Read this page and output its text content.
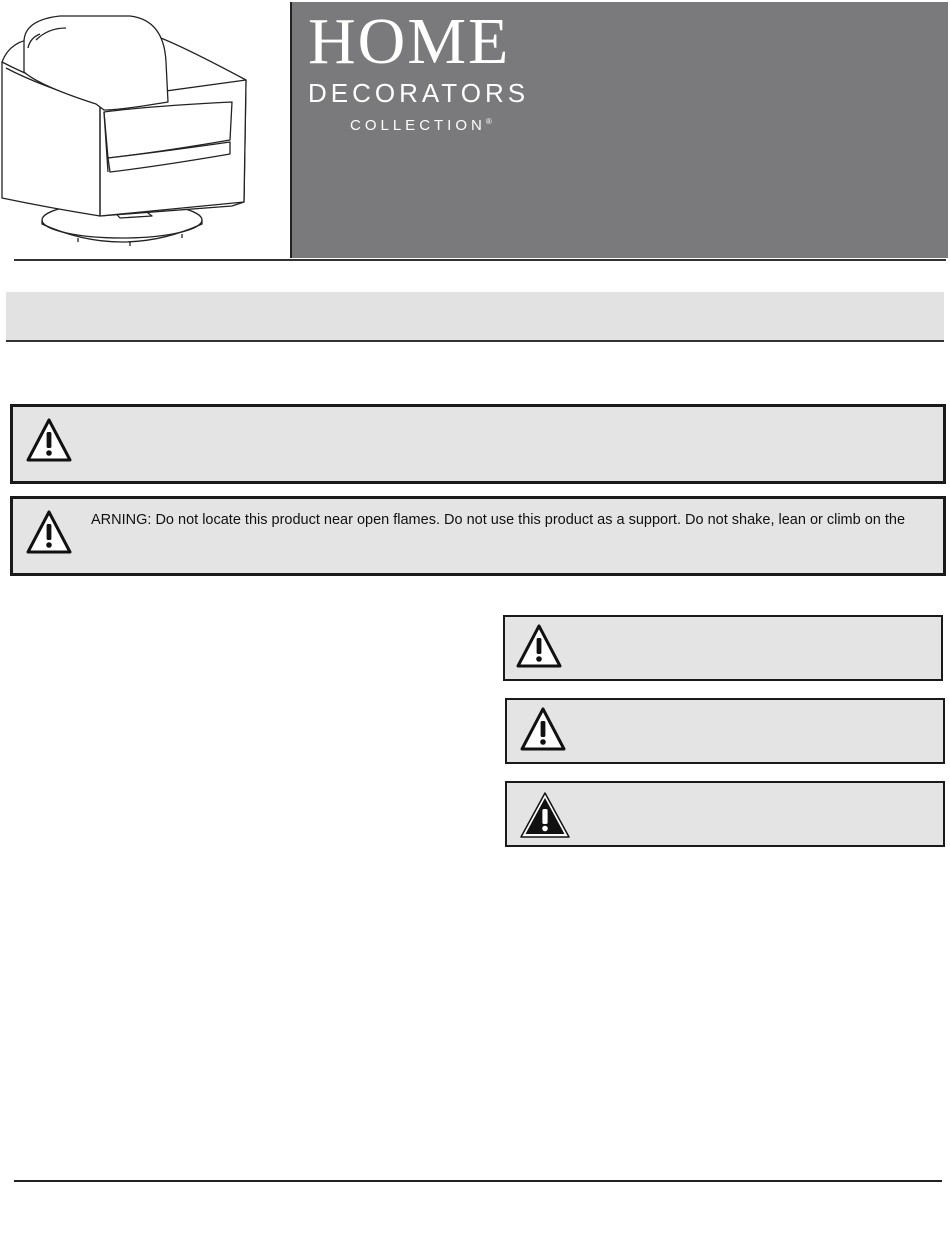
HOME
DECORATORS
COLLECTION®

ARNING: Do not locate this product near open flames. Do not use this product as a support. Do not shake, lean or climb on the
